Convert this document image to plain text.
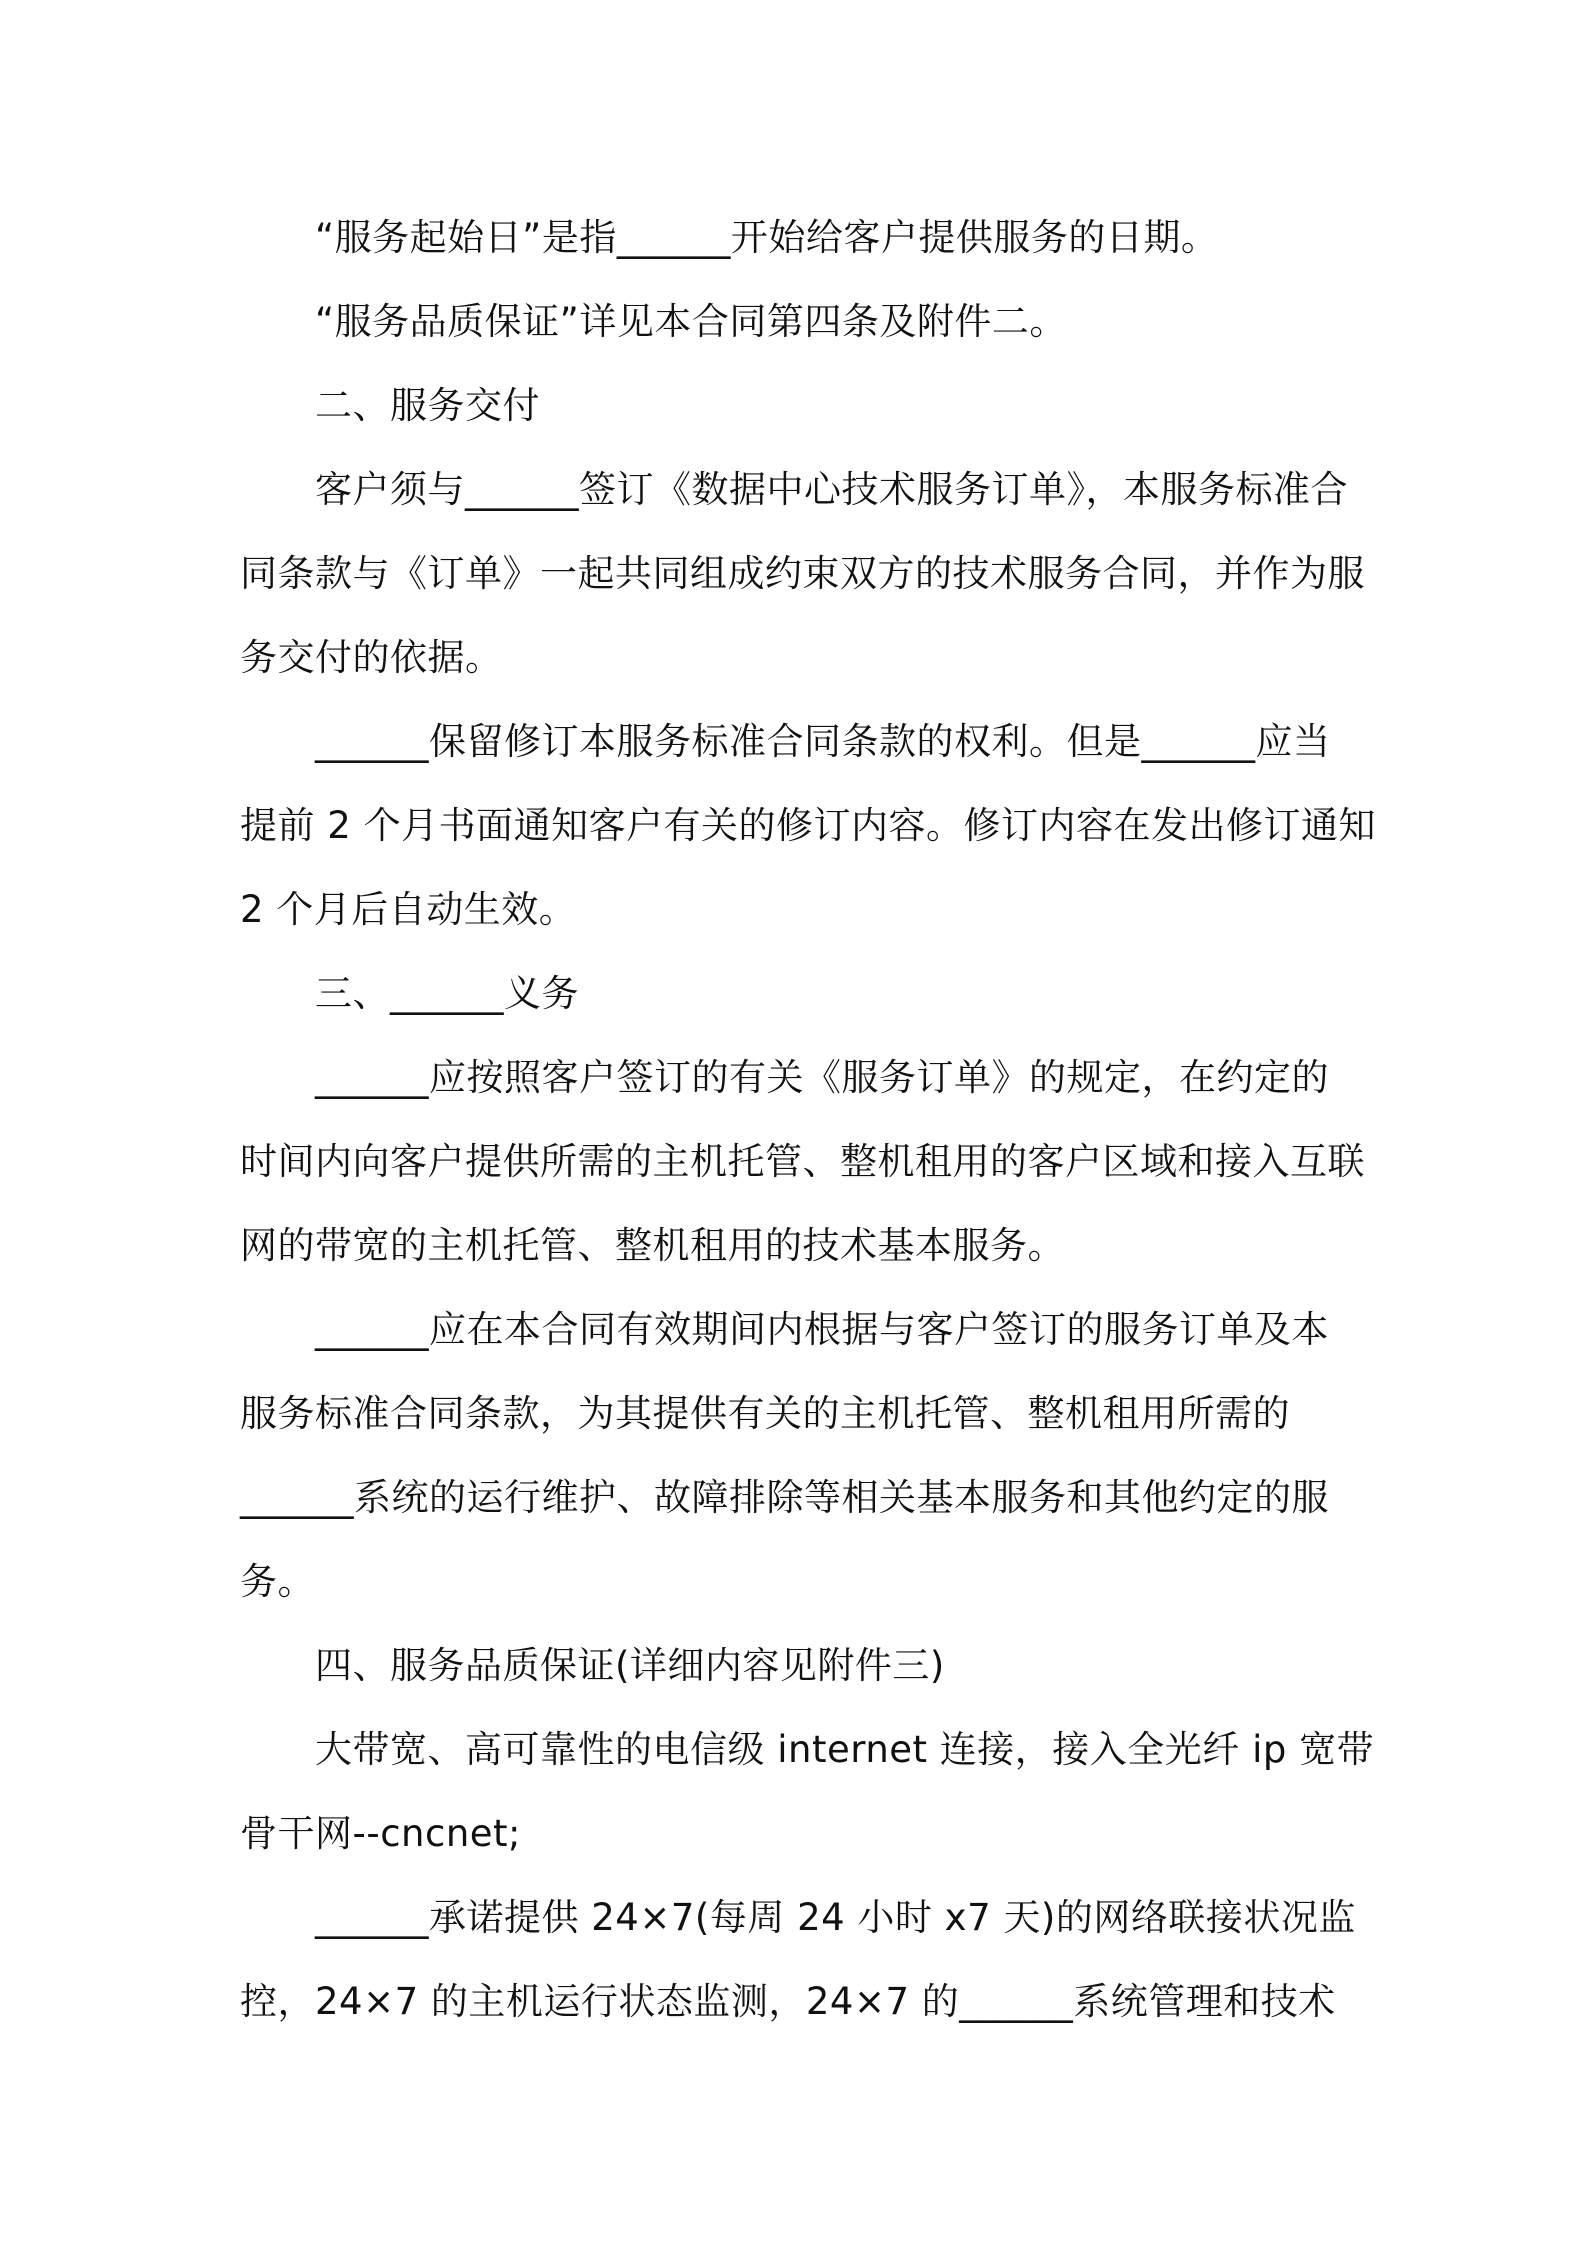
“服务起始日”是指______开始给客户提供服务的日期。

“服务品质保证”详见本合同第四条及附件二。

二、服务交付

客户须与______签订《数据中心技术服务订单》，本服务标准合
同条款与《订单》一起共同组成约束双方的技术服务合同，并作为服
务交付的依据。

______保留修订本服务标准合同条款的权利。但是______应当
提前 2 个月书面通知客户有关的修订内容。修订内容在发出修订通知
2 个月后自动生效。

三、______义务

______应按照客户签订的有关《服务订单》的规定，在约定的
时间内向客户提供所需的主机托管、整机租用的客户区域和接入互联
网的带宽的主机托管、整机租用的技术基本服务。

______应在本合同有效期间内根据与客户签订的服务订单及本
服务标准合同条款，为其提供有关的主机托管、整机租用所需的
______系统的运行维护、故障排除等相关基本服务和其他约定的服
务。

四、服务品质保证(详细内容见附件三)

大带宽、高可靠性的电信级 internet 连接，接入全光纤 ip 宽带
骨干网--cncnet;

______承诺提供 24×7(每周 24 小时 x7 天)的网络联接状况监
控，24×7 的主机运行状态监测，24×7 的______系统管理和技术
